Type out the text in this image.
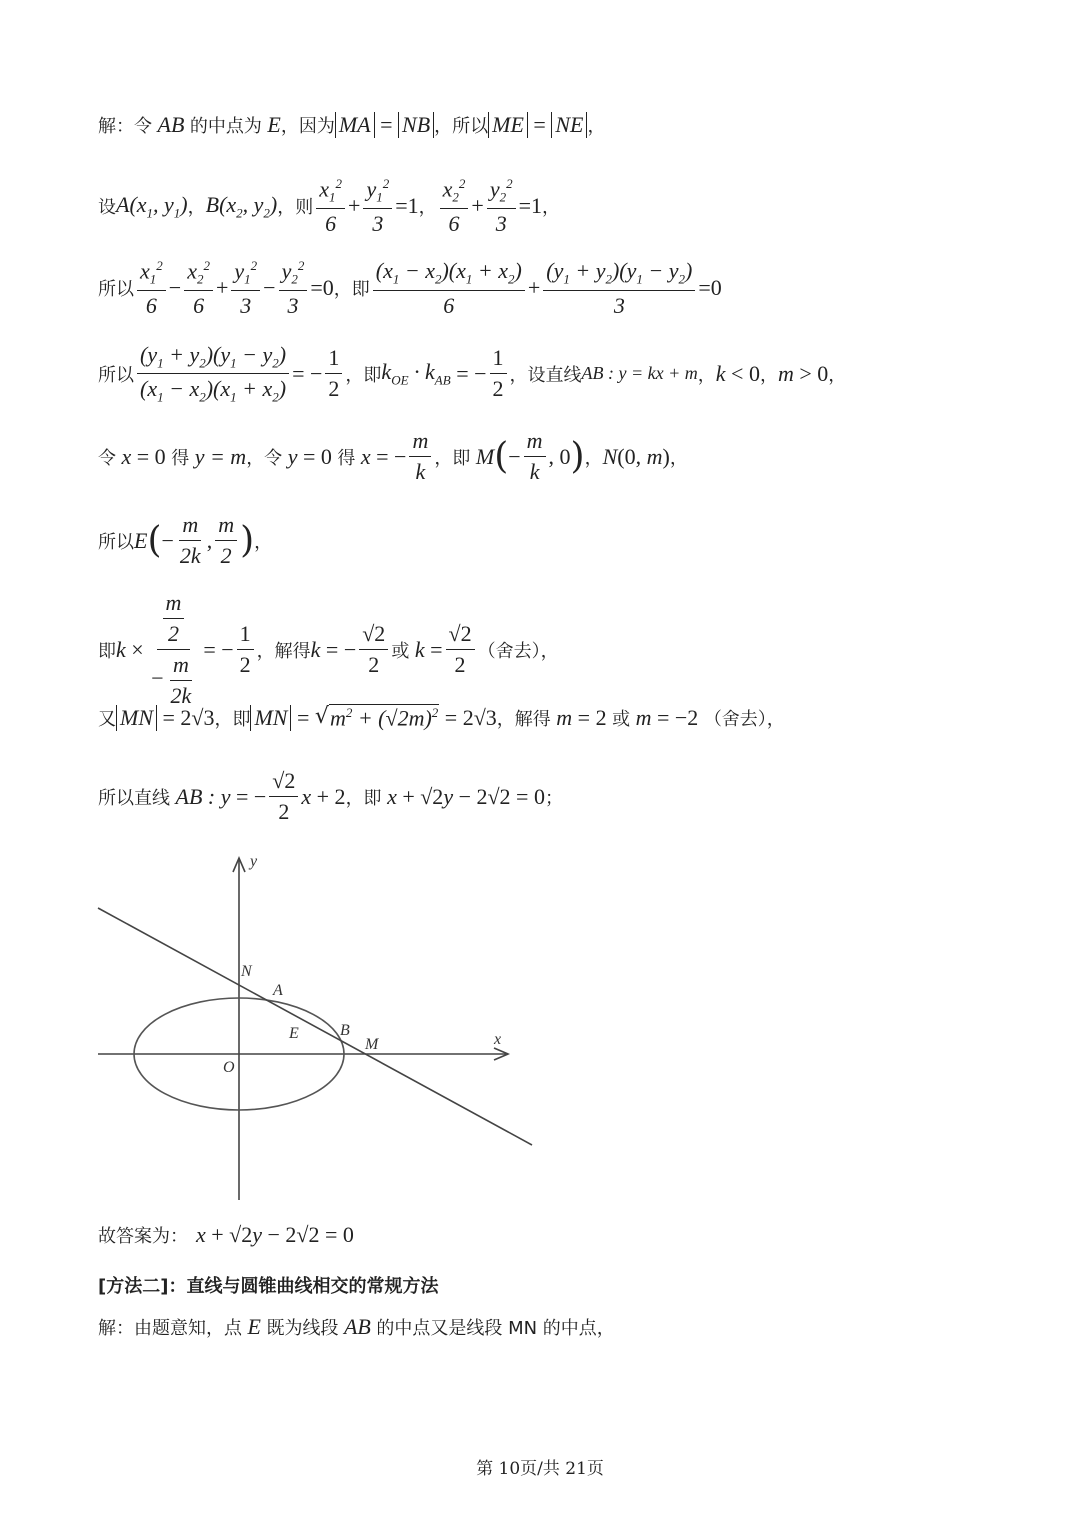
解：令 AB 的中点为 E ，因为 MA = NB ，所以 ME = NE ，
设 $A(x_1$, $y_1$) ， $B(x_2$, $y_2$) ，则 $\frac{x_1^2}{6} + \frac{y_1^2}{3} =1$ ， $\frac{x_2^2}{6} + \frac{y_2^2}{3} =1$ ，
所以 $\frac{x_1^2}{6} - \frac{x_2^2}{6} + \frac{y_1^2}{3} - \frac{y_2^2}{3} =0$ ，即 $\frac{(x_1 - x_2)(x_1 + x_2)}{6} + \frac{(y_1 + y_2)(y_1 - y_2)}{3} =0$
所以 $\frac{(y_1 + y_2)(y_1 - y_2)}{(x_1 - x_2)(x_1 + x_2)}$ = − $\frac{1}{2}$ ，即 $k_{OE} \cdot k_{AB}$ = − $\frac{1}{2}$ ，设直线 AB : y = kx + m ， k < 0 ， m > 0 ，
令 x = 0 得 y = m ，令 y = 0 得 x = − $\frac{m}{k}$ ，即 M ( − $\frac{m}{k}$ , 0 ) ， N (0, m ) ，
所以 E ( − $\frac{m}{2k}$ , $\frac{m}{2}$ ) ，
即 $k \times \frac{\frac{m}{2}}{- \frac{m}{2k}}$ = − $\frac{1}{2}$ ，解得 k = − $\frac{√2}{2}$ 或 $k = \frac{√2}{2}$ （舍去），
又 MN = 2√3 ，即 MN = √ $m^2 + (√2m)^2 = 2√3$ ，解得 m = 2 或 m = −2 （舍去），
所以直线 AB : y = − $\frac{√2}{2}$ x + 2 ，即 x + √2 y − 2√2 = 0 ；
y
x
O
N
A
E	B
M
故答案为： x + √2 y − 2√2 = 0
[方法二]：直线与圆锥曲线相交的常规方法
解：由题意知，点 E 既为线段 AB 的中点又是线段 MN 的中点，
第 10页/共 21页
